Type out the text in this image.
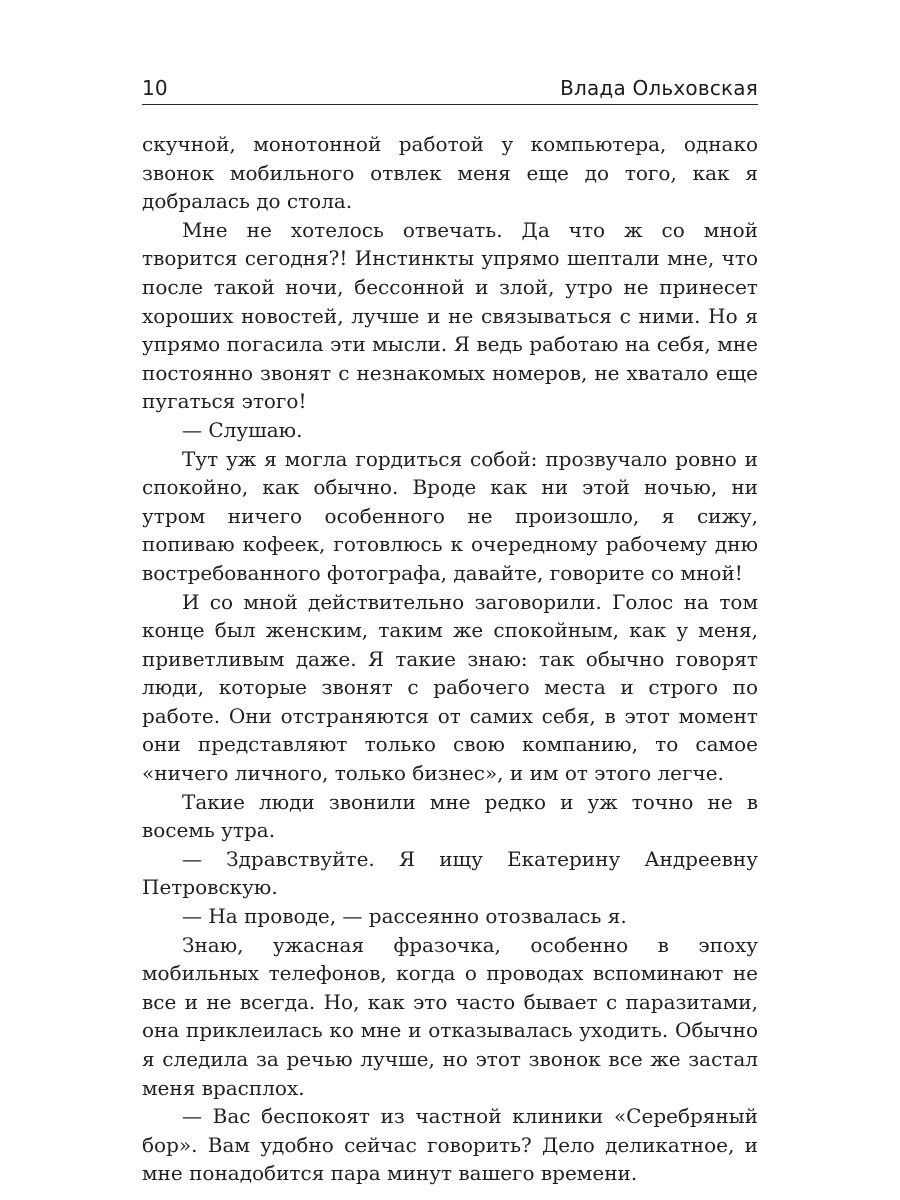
10	Влада Ольховская

скучной, монотонной работой у компьютера, однако звонок мобильного отвлек меня еще до того, как я добралась до стола.

Мне не хотелось отвечать. Да что ж со мной творится сегодня?! Инстинкты упрямо шептали мне, что после такой ночи, бессонной и злой, утро не принесет хороших новостей, лучше и не связываться с ними. Но я упрямо погасила эти мысли. Я ведь работаю на себя, мне постоянно звонят с незнакомых номеров, не хватало еще пугаться этого!

— Слушаю.

Тут уж я могла гордиться собой: прозвучало ровно и спокойно, как обычно. Вроде как ни этой ночью, ни утром ничего особенного не произошло, я сижу, попиваю кофеек, готовлюсь к очередному рабочему дню востребованного фотографа, давайте, говорите со мной!

И со мной действительно заговорили. Голос на том конце был женским, таким же спокойным, как у меня, приветливым даже. Я такие знаю: так обычно говорят люди, которые звонят с рабочего места и строго по работе. Они отстраняются от самих себя, в этот момент они представляют только свою компанию, то самое «ничего личного, только бизнес», и им от этого легче.

Такие люди звонили мне редко и уж точно не в восемь утра.

— Здравствуйте. Я ищу Екатерину Андреевну Петровскую.

— На проводе, — рассеянно отозвалась я.

Знаю, ужасная фразочка, особенно в эпоху мобильных телефонов, когда о проводах вспоминают не все и не всегда. Но, как это часто бывает с паразитами, она приклеилась ко мне и отказывалась уходить. Обычно я следила за речью лучше, но этот звонок все же застал меня врасплох.

— Вас беспокоят из частной клиники «Серебряный бор». Вам удобно сейчас говорить? Дело деликатное, и мне понадобится пара минут вашего времени.
